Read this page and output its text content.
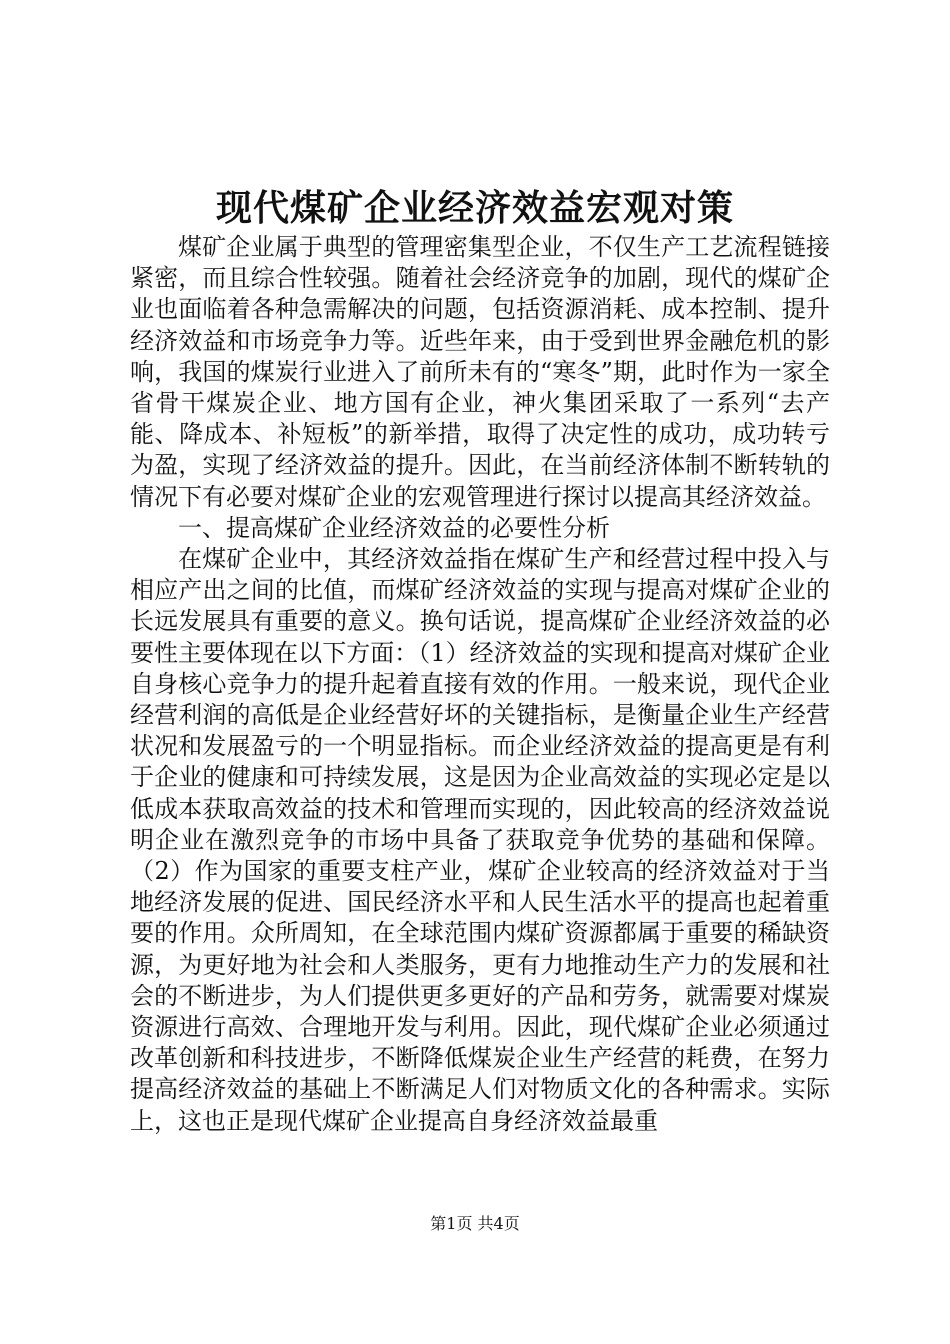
现代煤矿企业经济效益宏观对策

煤矿企业属于典型的管理密集型企业，不仅生产工艺流程链接紧密，而且综合性较强。随着社会经济竞争的加剧，现代的煤矿企业也面临着各种急需解决的问题，包括资源消耗、成本控制、提升经济效益和市场竞争力等。近些年来，由于受到世界金融危机的影响，我国的煤炭行业进入了前所未有的“寒冬”期，此时作为一家全省骨干煤炭企业、地方国有企业，神火集团采取了一系列“去产能、降成本、补短板”的新举措，取得了决定性的成功，成功转亏为盈，实现了经济效益的提升。因此，在当前经济体制不断转轨的情况下有必要对煤矿企业的宏观管理进行探讨以提高其经济效益。

一、提高煤矿企业经济效益的必要性分析

在煤矿企业中，其经济效益指在煤矿生产和经营过程中投入与相应产出之间的比值，而煤矿经济效益的实现与提高对煤矿企业的长远发展具有重要的意义。换句话说，提高煤矿企业经济效益的必要性主要体现在以下方面：（1）经济效益的实现和提高对煤矿企业自身核心竞争力的提升起着直接有效的作用。一般来说，现代企业经营利润的高低是企业经营好坏的关键指标，是衡量企业生产经营状况和发展盈亏的一个明显指标。而企业经济效益的提高更是有利于企业的健康和可持续发展，这是因为企业高效益的实现必定是以低成本获取高效益的技术和管理而实现的，因此较高的经济效益说明企业在激烈竞争的市场中具备了获取竞争优势的基础和保障。（2）作为国家的重要支柱产业，煤矿企业较高的经济效益对于当地经济发展的促进、国民经济水平和人民生活水平的提高也起着重要的作用。众所周知，在全球范围内煤矿资源都属于重要的稀缺资源，为更好地为社会和人类服务，更有力地推动生产力的发展和社会的不断进步，为人们提供更多更好的产品和劳务，就需要对煤炭资源进行高效、合理地开发与利用。因此，现代煤矿企业必须通过改革创新和科技进步，不断降低煤炭企业生产经营的耗费，在努力提高经济效益的基础上不断满足人们对物质文化的各种需求。实际上，这也正是现代煤矿企业提高自身经济效益最重

第1页 共4页
